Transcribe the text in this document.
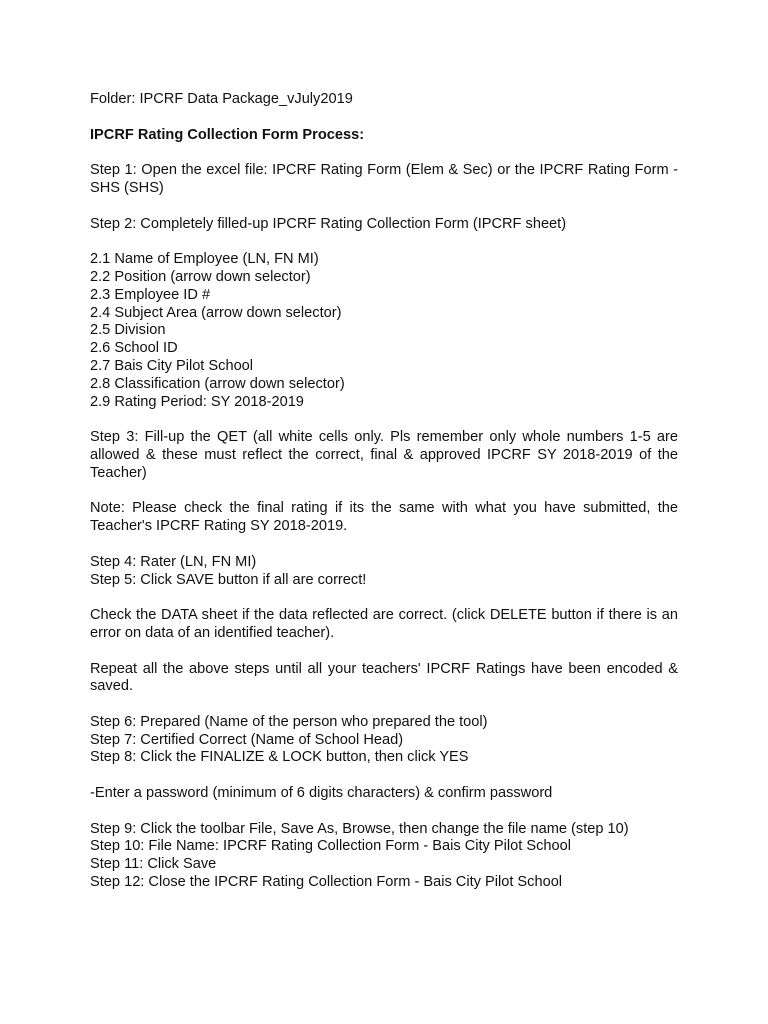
Folder: IPCRF Data Package_vJuly2019

IPCRF Rating Collection Form Process:

Step 1: Open the excel file: IPCRF Rating Form (Elem & Sec) or the IPCRF Rating Form - SHS (SHS)

Step 2: Completely filled-up IPCRF Rating Collection Form (IPCRF sheet)

2.1 Name of Employee (LN, FN MI)
2.2 Position (arrow down selector)
2.3 Employee ID #
2.4 Subject Area (arrow down selector)
2.5 Division
2.6 School ID
2.7 Bais City Pilot School
2.8 Classification (arrow down selector)
2.9 Rating Period: SY 2018-2019

Step 3: Fill-up the QET (all white cells only. Pls remember only whole numbers 1-5 are allowed & these must reflect the correct, final & approved IPCRF SY 2018-2019 of the Teacher)

Note: Please check the final rating if its the same with what you have submitted, the Teacher's IPCRF Rating SY 2018-2019.

Step 4: Rater (LN, FN MI)
Step 5: Click SAVE button if all are correct!

Check the DATA sheet if the data reflected are correct. (click DELETE button if there is an error on data of an identified teacher).

Repeat all the above steps until all your teachers' IPCRF Ratings have been encoded & saved.

Step 6: Prepared (Name of the person who prepared the tool)
Step 7: Certified Correct (Name of School Head)
Step 8: Click the FINALIZE & LOCK button, then click YES

-Enter a password (minimum of 6 digits characters) & confirm password

Step 9: Click the toolbar File, Save As, Browse, then change the file name (step 10)
Step 10: File Name: IPCRF Rating Collection Form - Bais City Pilot School
Step 11: Click Save
Step 12: Close the IPCRF Rating Collection Form - Bais City Pilot School
